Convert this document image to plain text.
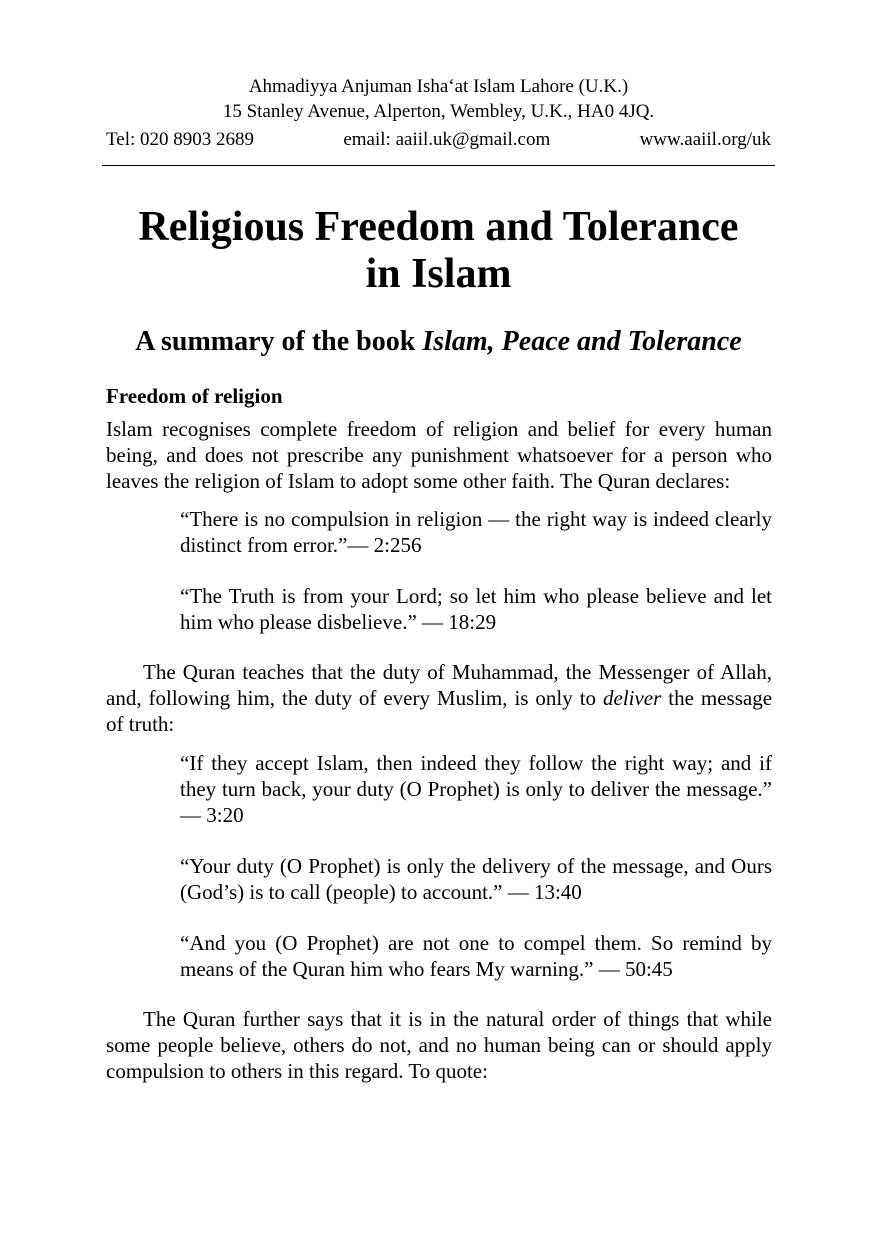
Ahmadiyya Anjuman Isha‘at Islam Lahore (U.K.)
15 Stanley Avenue, Alperton, Wembley, U.K., HA0 4JQ.
Tel: 020 8903 2689	email: aaiil.uk@gmail.com	www.aaiil.org/uk
Religious Freedom and Tolerance
in Islam
A summary of the book Islam, Peace and Tolerance
Freedom of religion

Islam recognises complete freedom of religion and belief for every human being, and does not prescribe any punishment whatsoever for a person who leaves the religion of Islam to adopt some other faith. The Quran declares:

“There is no compulsion in religion — the right way is indeed clearly distinct from error.”— 2:256

“The Truth is from your Lord; so let him who please believe and let him who please disbelieve.” — 18:29

The Quran teaches that the duty of Muhammad, the Messenger of Allah, and, following him, the duty of every Muslim, is only to deliver the message of truth:

“If they accept Islam, then indeed they follow the right way; and if they turn back, your duty (O Prophet) is only to deliver the message.” — 3:20

“Your duty (O Prophet) is only the delivery of the message, and Ours (God’s) is to call (people) to account.” — 13:40

“And you (O Prophet) are not one to compel them. So remind by means of the Quran him who fears My warning.” — 50:45

The Quran further says that it is in the natural order of things that while some people believe, others do not, and no human being can or should apply compulsion to others in this regard. To quote:
